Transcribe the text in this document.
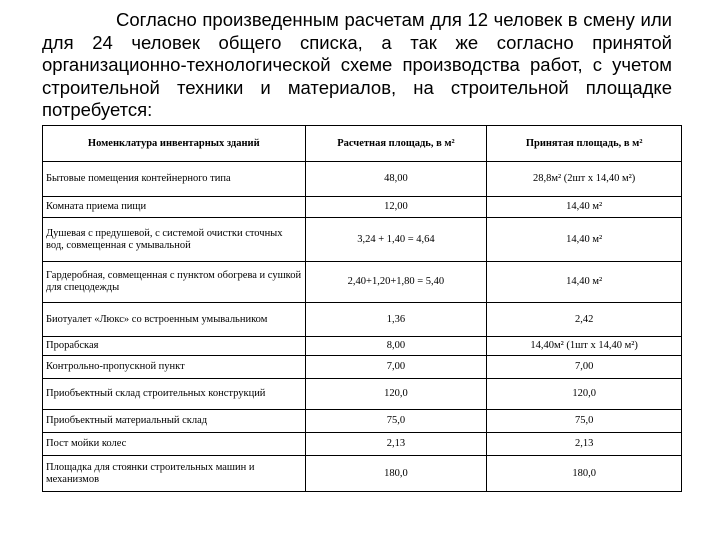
Согласно произведенным расчетам для 12 человек в смену или для 24 человек общего списка, а так же согласно принятой организационно-технологической схеме производства работ, с учетом строительной техники и материалов, на строительной площадке потребуется:

Номенклатура инвентарных зданий	Расчетная площадь, в м²	Принятая площадь, в м²
Бытовые помещения контейнерного типа	48,00	28,8м² (2шт х 14,40 м²)
Комната приема пищи	12,00	14,40 м²
Душевая с предушевой, с системой очистки сточных вод, совмещенная с умывальной	3,24 + 1,40 = 4,64	14,40 м²
Гардеробная, совмещенная с пунктом обогрева и сушкой для спецодежды	2,40+1,20+1,80 = 5,40	14,40 м²
Биотуалет «Люкс» со встроенным умывальником	1,36	2,42
Прорабская	8,00	14,40м² (1шт х 14,40 м²)
Контрольно-пропускной пункт	7,00	7,00
Приобъектный склад строительных конструкций	120,0	120,0
Приобъектный материальный склад	75,0	75,0
Пост мойки колес	2,13	2,13
Площадка для стоянки строительных машин и механизмов	180,0	180,0
